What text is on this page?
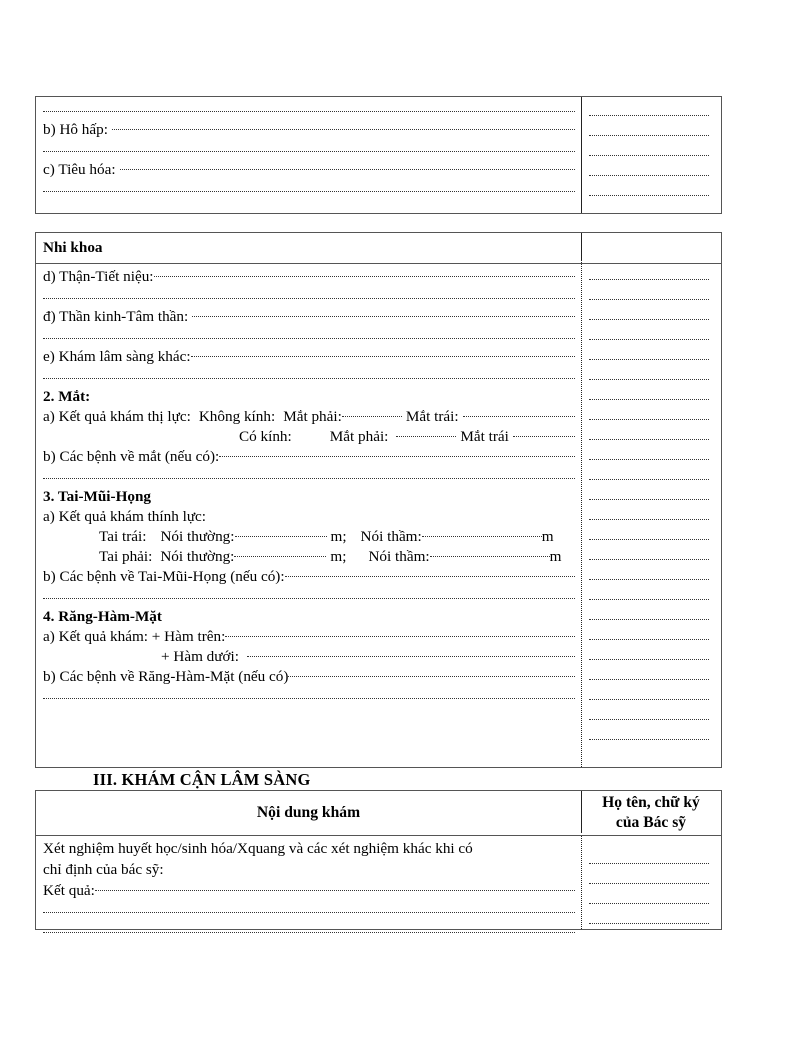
b) Hô hấp:
c) Tiêu hóa:
Nhi khoa
d) Thận-Tiết niệu:
đ) Thần kinh-Tâm thần:
e) Khám lâm sàng khác:
2. Mắt:
a) Kết quả khám thị lực: Không kính: Mắt phải:	Mắt trái:
Có kính:	Mắt phải:	Mắt trái
b) Các bệnh về mắt (nếu có):
3. Tai-Mũi-Họng
a) Kết quả khám thính lực:
Tai trái: Nói thường:	m; Nói thầm:	m
Tai phải: Nói thường:	m; Nói thầm:	m
b) Các bệnh về Tai-Mũi-Họng (nếu có):
4. Răng-Hàm-Mặt
a) Kết quả khám: + Hàm trên:
+ Hàm dưới:
b) Các bệnh về Răng-Hàm-Mặt (nếu có)
III. KHÁM CẬN LÂM SÀNG
Nội dung khám
Họ tên, chữ ký
của Bác sỹ
Xét nghiệm huyết học/sinh hóa/Xquang và các xét nghiệm khác khi có
chỉ định của bác sỹ:
Kết quả:
